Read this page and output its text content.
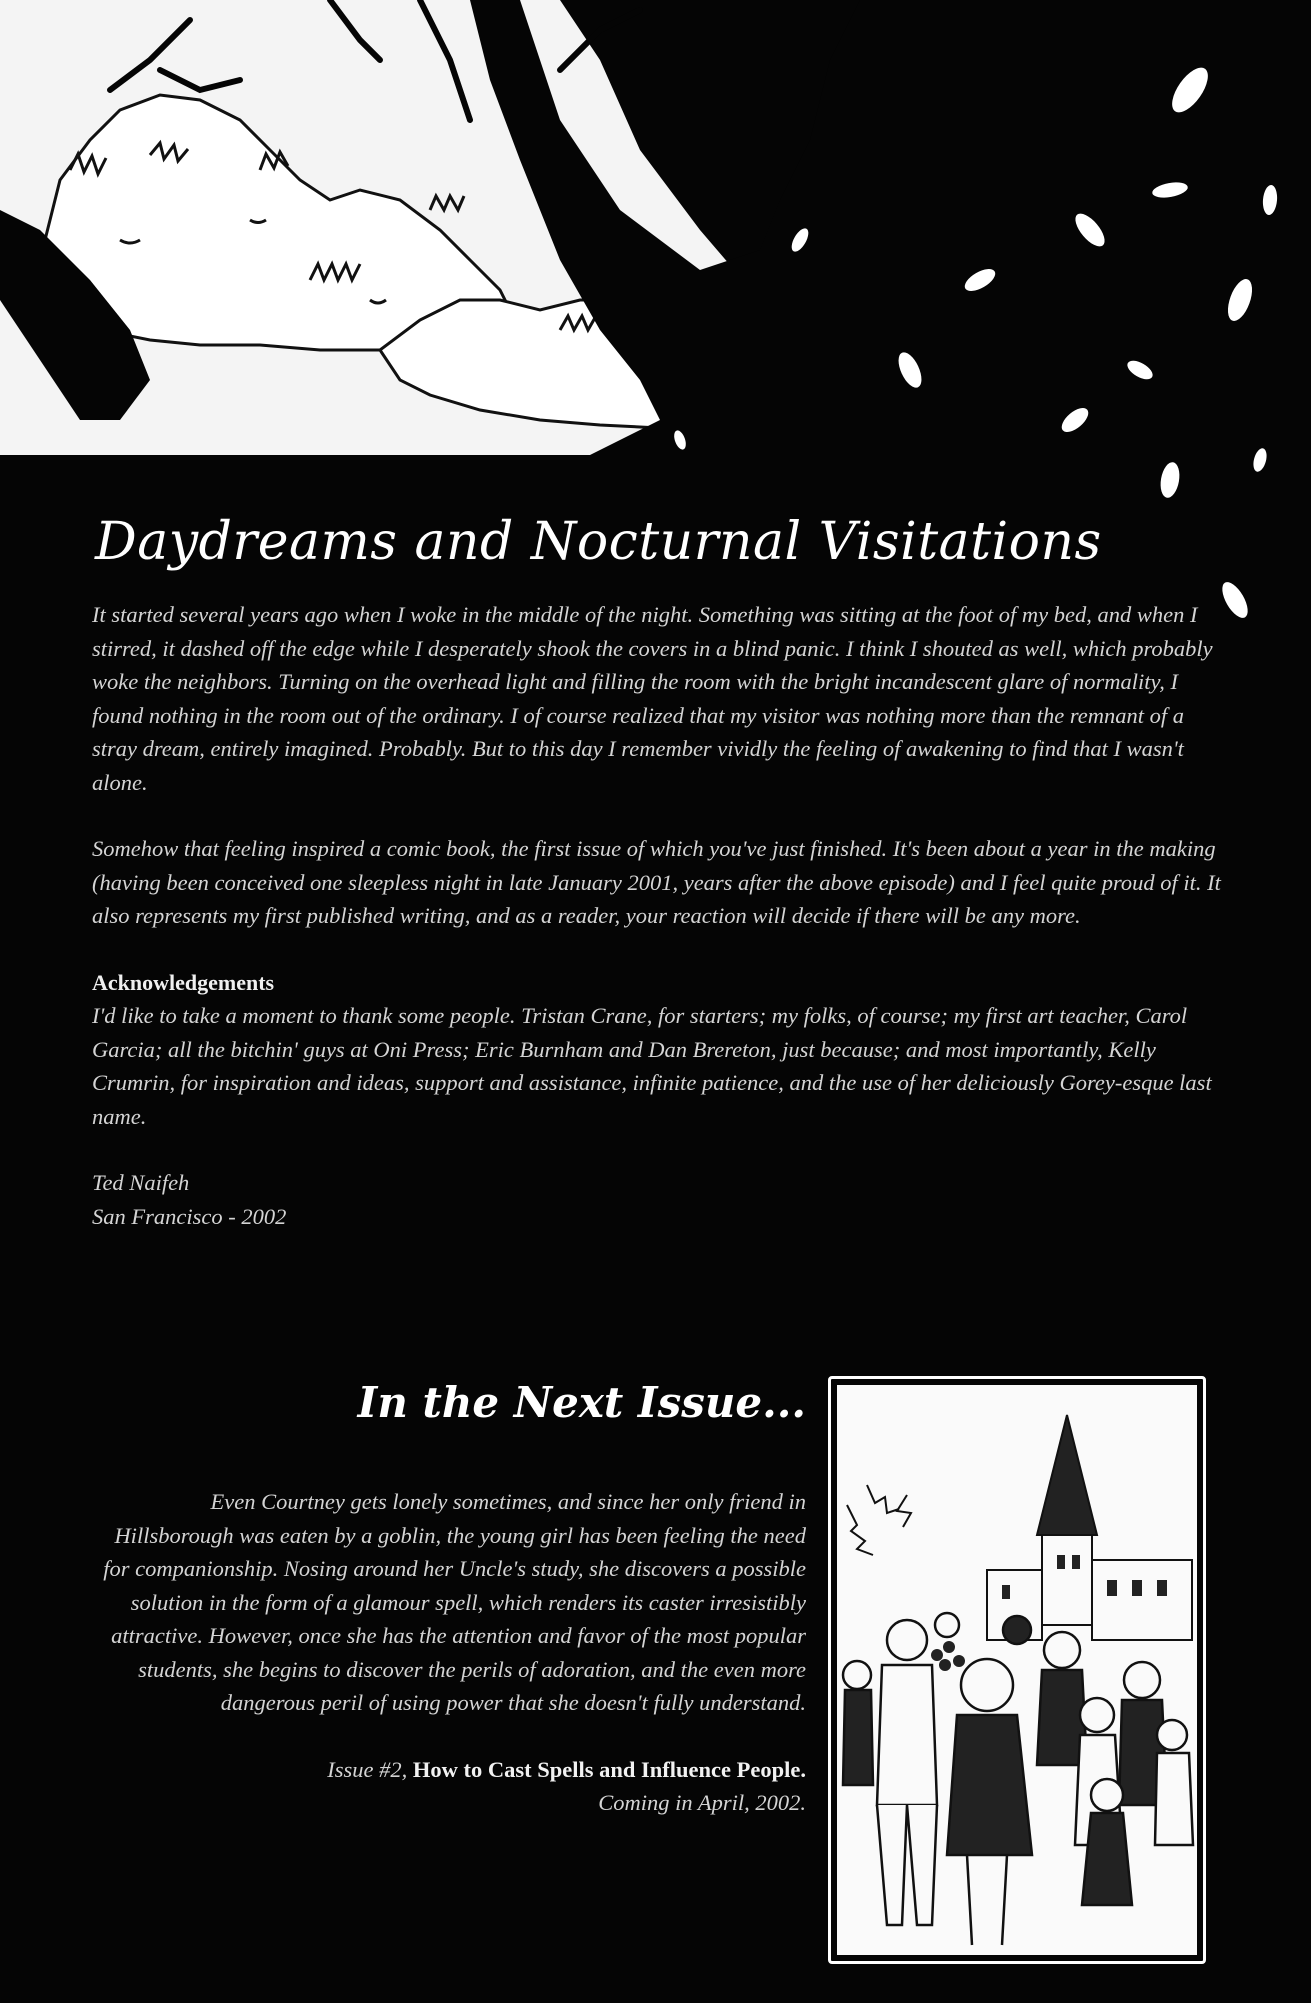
Daydreams and Nocturnal Visitations

It started several years ago when I woke in the middle of the night. Something was sitting at the foot of my bed, and when I stirred, it dashed off the edge while I desperately shook the covers in a blind panic. I think I shouted as well, which probably woke the neighbors. Turning on the overhead light and filling the room with the bright incandescent glare of normality, I found nothing in the room out of the ordinary. I of course realized that my visitor was nothing more than the remnant of a stray dream, entirely imagined. Probably. But to this day I remember vividly the feeling of awakening to find that I wasn't alone.

Somehow that feeling inspired a comic book, the first issue of which you've just finished. It's been about a year in the making (having been conceived one sleepless night in late January 2001, years after the above episode) and I feel quite proud of it. It also represents my first published writing, and as a reader, your reaction will decide if there will be any more.

Acknowledgements
I'd like to take a moment to thank some people. Tristan Crane, for starters; my folks, of course; my first art teacher, Carol Garcia; all the bitchin' guys at Oni Press; Eric Burnham and Dan Brereton, just because; and most importantly, Kelly Crumrin, for inspiration and ideas, support and assistance, infinite patience, and the use of her deliciously Gorey-esque last name.

Ted Naifeh
San Francisco - 2002

In the Next Issue...

Even Courtney gets lonely sometimes, and since her only friend in Hillsborough was eaten by a goblin, the young girl has been feeling the need for companionship. Nosing around her Uncle's study, she discovers a possible solution in the form of a glamour spell, which renders its caster irresistibly attractive. However, once she has the attention and favor of the most popular students, she begins to discover the perils of adoration, and the even more dangerous peril of using power that she doesn't fully understand.

Issue #2, How to Cast Spells and Influence People.
Coming in April, 2002.
